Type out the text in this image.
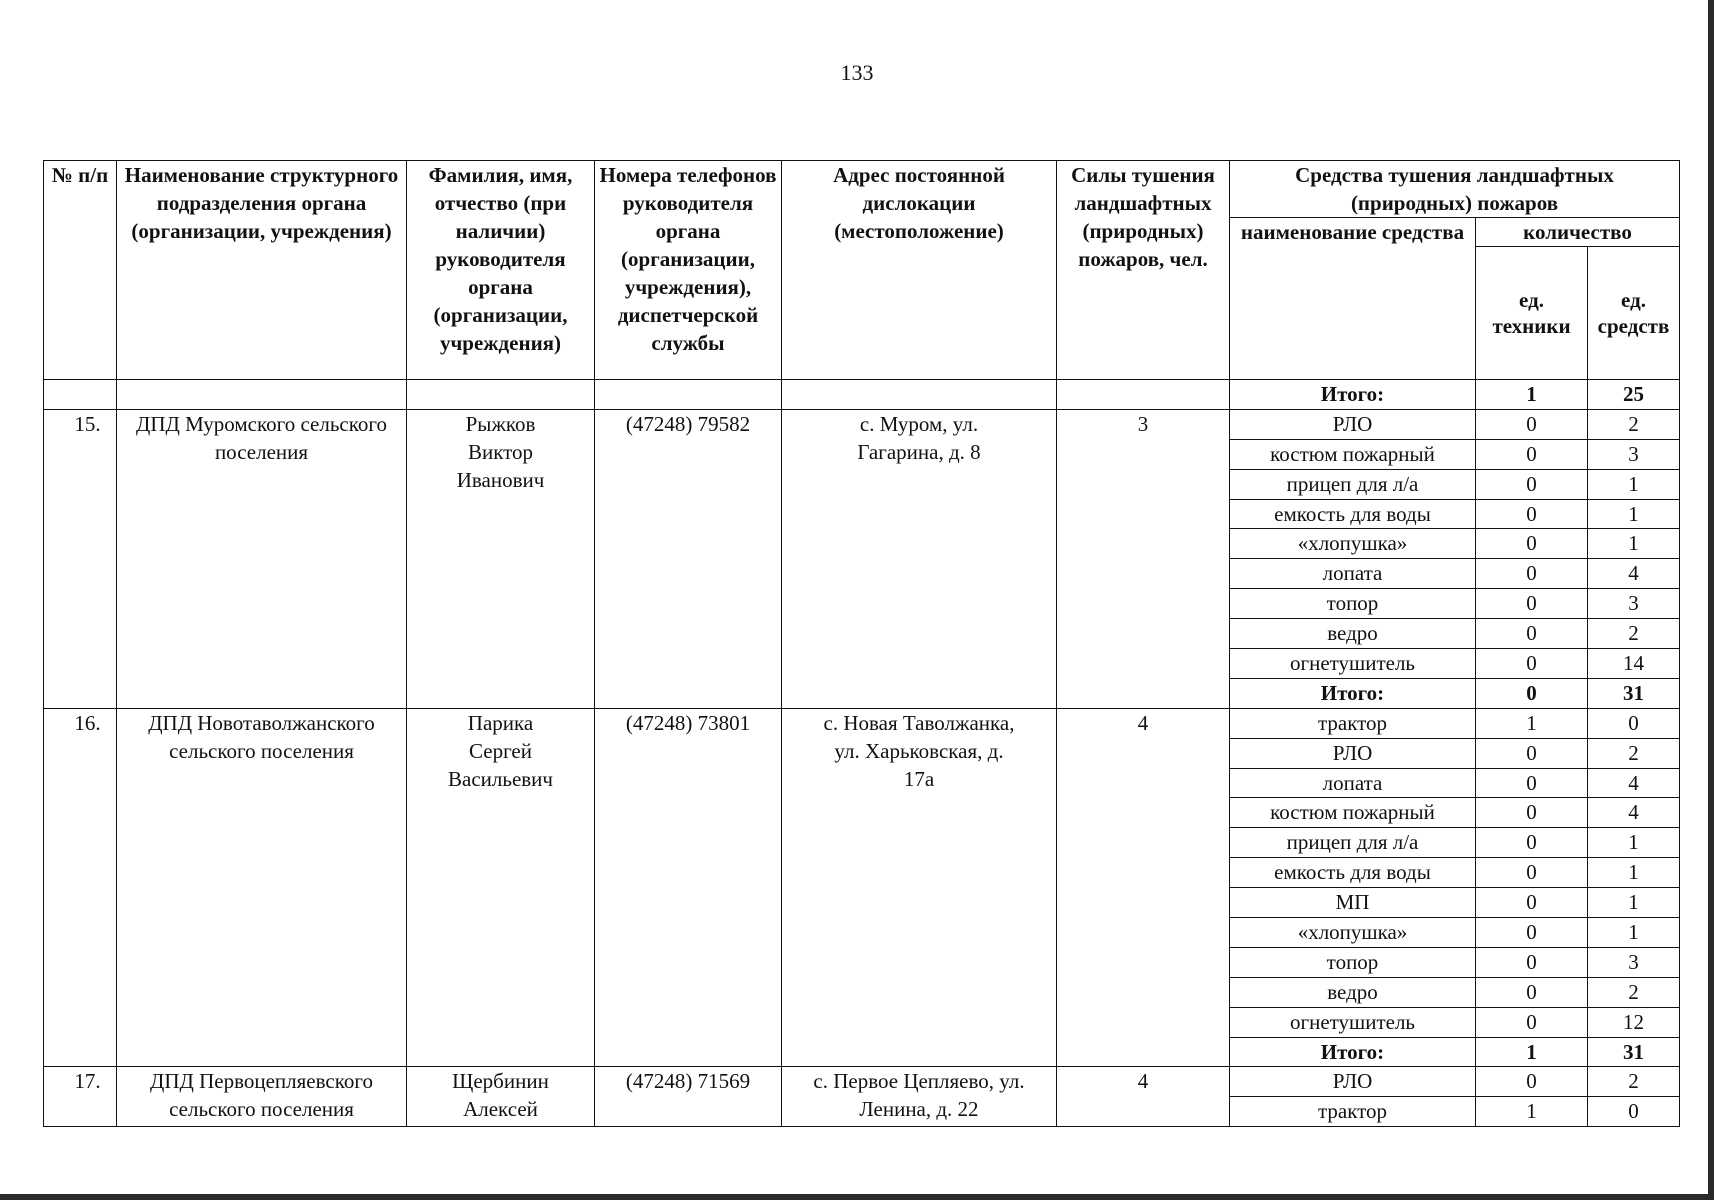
133
№ п/п	Наименование структурного подразделения органа (организации, учреждения)	Фамилия, имя, отчество (при наличии) руководителя органа (организации, учреждения)	Номера телефонов руководителя органа (организации, учреждения), диспетчерской службы	Адрес постоянной дислокации (местоположение)	Силы тушения ландшафтных (природных) пожаров, чел.	Средства тушения ландшафтных (природных) пожаров		
						наименование средства	количество	
							ед. техники	ед. средств
						Итого:	1	25
15.	ДПД Муромского сельского поселения	Рыжков Виктор Иванович	(47248) 79582	с. Муром, ул. Гагарина, д. 8	3	РЛО	0	2
						костюм пожарный	0	3
						прицеп для л/а	0	1
						емкость для воды	0	1
						«хлопушка»	0	1
						лопата	0	4
						топор	0	3
						ведро	0	2
						огнетушитель	0	14
						Итого:	0	31
16.	ДПД Новотаволжанского сельского поселения	Парика Сергей Васильевич	(47248) 73801	с. Новая Таволжанка, ул. Харьковская, д. 17а	4	трактор	1	0
						РЛО	0	2
						лопата	0	4
						костюм пожарный	0	4
						прицеп для л/а	0	1
						емкость для воды	0	1
						МП	0	1
						«хлопушка»	0	1
						топор	0	3
						ведро	0	2
						огнетушитель	0	12
						Итого:	1	31
17.	ДПД Первоцепляевского сельского поселения	Щербинин Алексей	(47248) 71569	с. Первое Цепляево, ул. Ленина, д. 22	4	РЛО	0	2
						трактор	1	0
